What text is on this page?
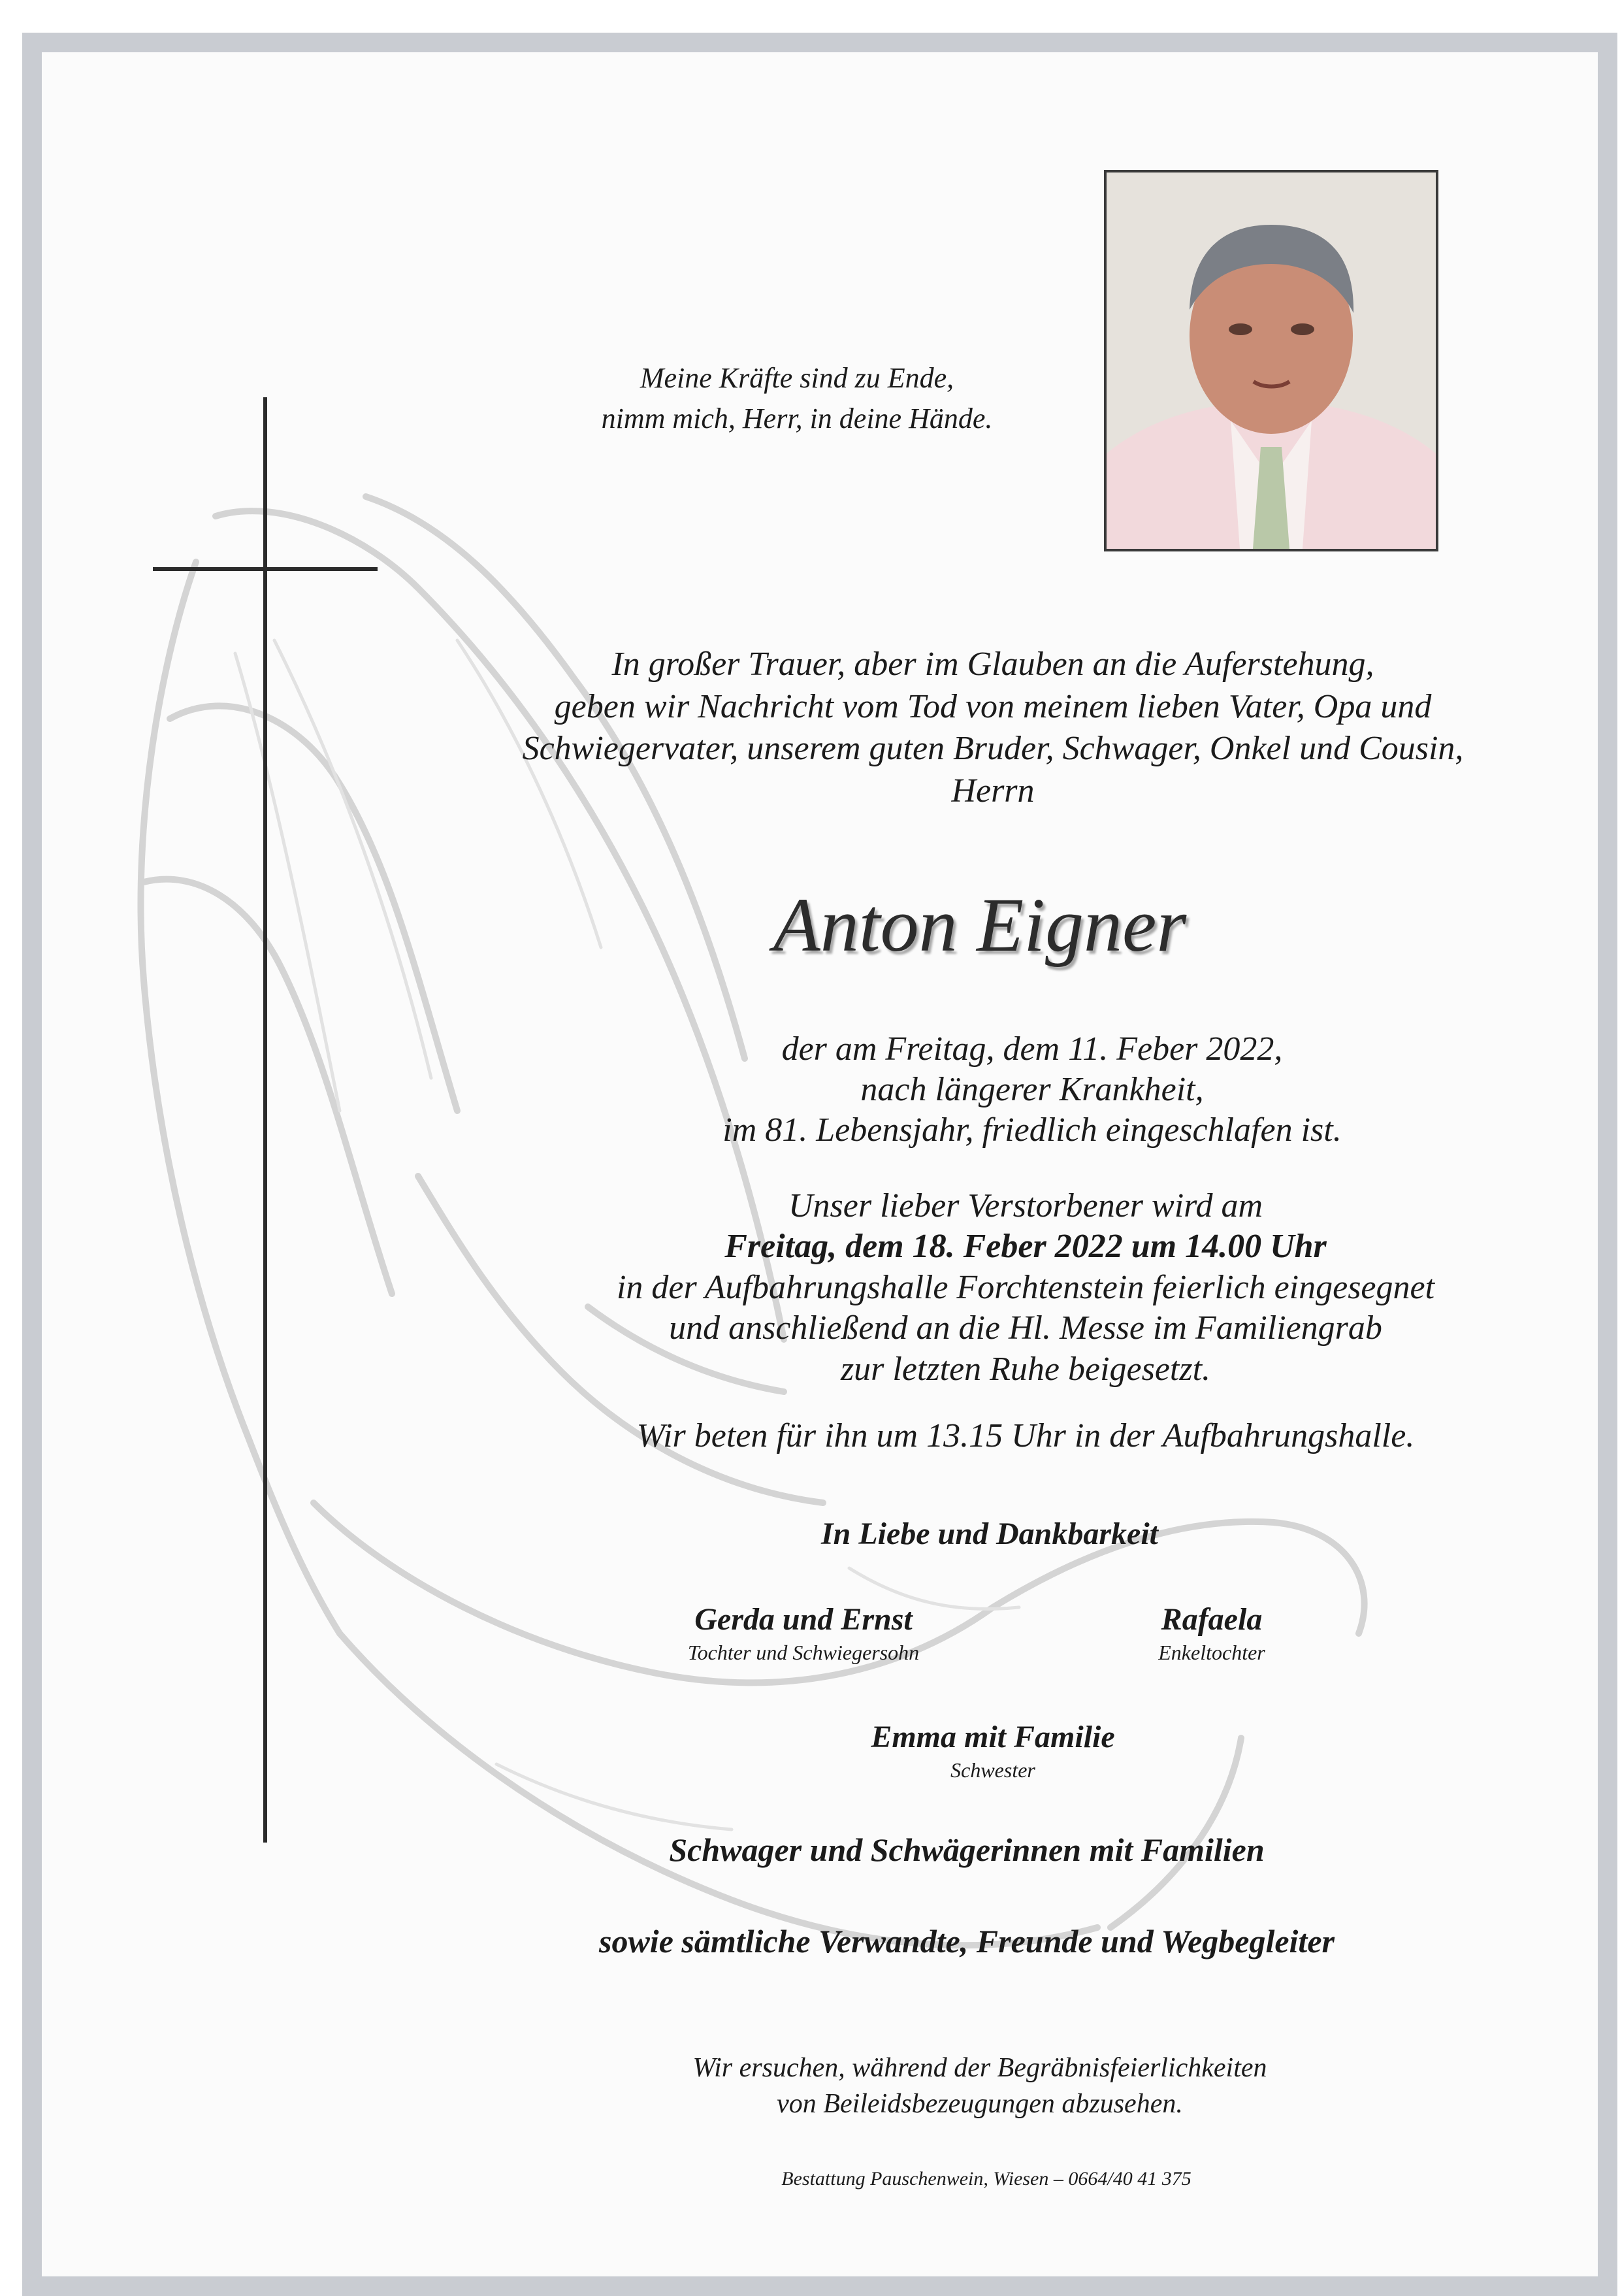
Meine Kräfte sind zu Ende,
nimm mich, Herr, in deine Hände.
In großer Trauer, aber im Glauben an die Auferstehung,
geben wir Nachricht vom Tod von meinem lieben Vater, Opa und
Schwiegervater, unserem guten Bruder, Schwager, Onkel und Cousin,
Herrn
Anton Eigner
der am Freitag, dem 11. Feber 2022,
nach längerer Krankheit,
im 81. Lebensjahr, friedlich eingeschlafen ist.
Unser lieber Verstorbener wird am
Freitag, dem 18. Feber 2022 um 14.00 Uhr
in der Aufbahrungshalle Forchtenstein feierlich eingesegnet
und anschließend an die Hl. Messe im Familiengrab
zur letzten Ruhe beigesetzt.
Wir beten für ihn um 13.15 Uhr in der Aufbahrungshalle.
In Liebe und Dankbarkeit
Gerda und Ernst
Tochter und Schwiegersohn
Rafaela
Enkeltochter
Emma mit Familie
Schwester
Schwager und Schwägerinnen mit Familien
sowie sämtliche Verwandte, Freunde und Wegbegleiter
Wir ersuchen, während der Begräbnisfeierlichkeiten
von Beileidsbezeugungen abzusehen.
Bestattung Pauschenwein, Wiesen – 0664/40 41 375
